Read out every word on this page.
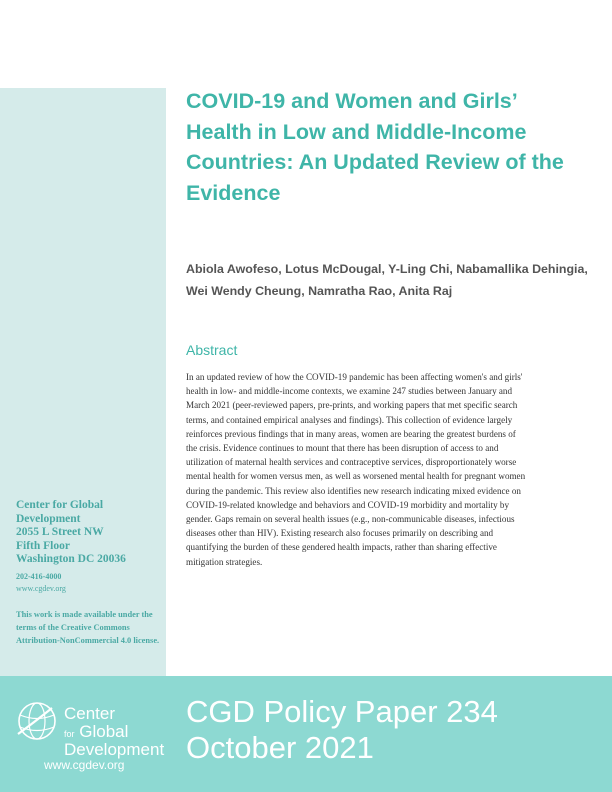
Center for Global
Development
2055 L Street NW
Fifth Floor
Washington DC 20036
202-416-4000
www.cgdev.org
This work is made available under the terms of the Creative Commons Attribution-NonCommercial 4.0 license.
COVID-19 and Women and Girls’ Health in Low and Middle-Income Countries: An Updated Review of the Evidence

Abiola Awofeso, Lotus McDougal, Y-Ling Chi, Nabamallika Dehingia, Wei Wendy Cheung, Namratha Rao, Anita Raj

Abstract

In an updated review of how the COVID-19 pandemic has been affecting women's and girls' health in low- and middle-income contexts, we examine 247 studies between January and March 2021 (peer-reviewed papers, pre-prints, and working papers that met specific search terms, and contained empirical analyses and findings). This collection of evidence largely reinforces previous findings that in many areas, women are bearing the greatest burdens of the crisis. Evidence continues to mount that there has been disruption of access to and utilization of maternal health services and contraceptive services, disproportionately worse mental health for women versus men, as well as worsened mental health for pregnant women during the pandemic. This review also identifies new research indicating mixed evidence on COVID-19-related knowledge and behaviors and COVID-19 morbidity and mortality by gender. Gaps remain on several health issues (e.g., non-communicable diseases, infectious diseases other than HIV). Existing research also focuses primarily on describing and quantifying the burden of these gendered health impacts, rather than sharing effective mitigation strategies.

Center
for Global
Development
www.cgdev.org
CGD Policy Paper 234
October 2021
